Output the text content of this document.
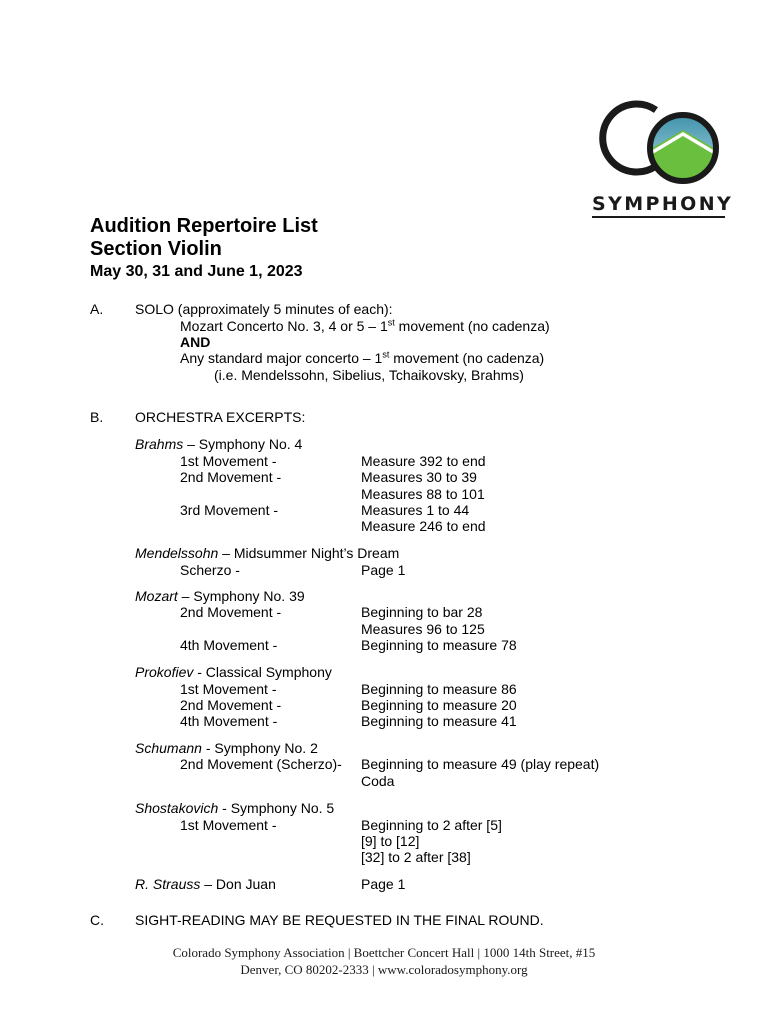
SYMPHONY
Audition Repertoire List
Section Violin
May 30, 31 and June 1, 2023
A. SOLO (approximately 5 minutes of each):
Mozart Concerto No. 3, 4 or 5 – 1st movement (no cadenza)
AND
Any standard major concerto – 1st movement (no cadenza)
(i.e. Mendelssohn, Sibelius, Tchaikovsky, Brahms)
B. ORCHESTRA EXCERPTS:
Brahms – Symphony No. 4
1st Movement -	Measure 392 to end
2nd Movement -	Measures 30 to 39
Measures 88 to 101
3rd Movement -	Measures 1 to 44
Measure 246 to end
Mendelssohn – Midsummer Night’s Dream
Scherzo -	Page 1
Mozart – Symphony No. 39
2nd Movement -	Beginning to bar 28
Measures 96 to 125
4th Movement -	Beginning to measure 78
Prokofiev - Classical Symphony
1st Movement -	Beginning to measure 86
2nd Movement -	Beginning to measure 20
4th Movement -	Beginning to measure 41
Schumann - Symphony No. 2
2nd Movement (Scherzo)- Beginning to measure 49 (play repeat)
Coda
Shostakovich - Symphony No. 5
1st Movement -	Beginning to 2 after [5]
[9] to [12]
[32] to 2 after [38]
R. Strauss – Don Juan	Page 1
C. SIGHT-READING MAY BE REQUESTED IN THE FINAL ROUND.
Colorado Symphony Association | Boettcher Concert Hall | 1000 14th Street, #15
Denver, CO 80202-2333 | www.coloradosymphony.org
